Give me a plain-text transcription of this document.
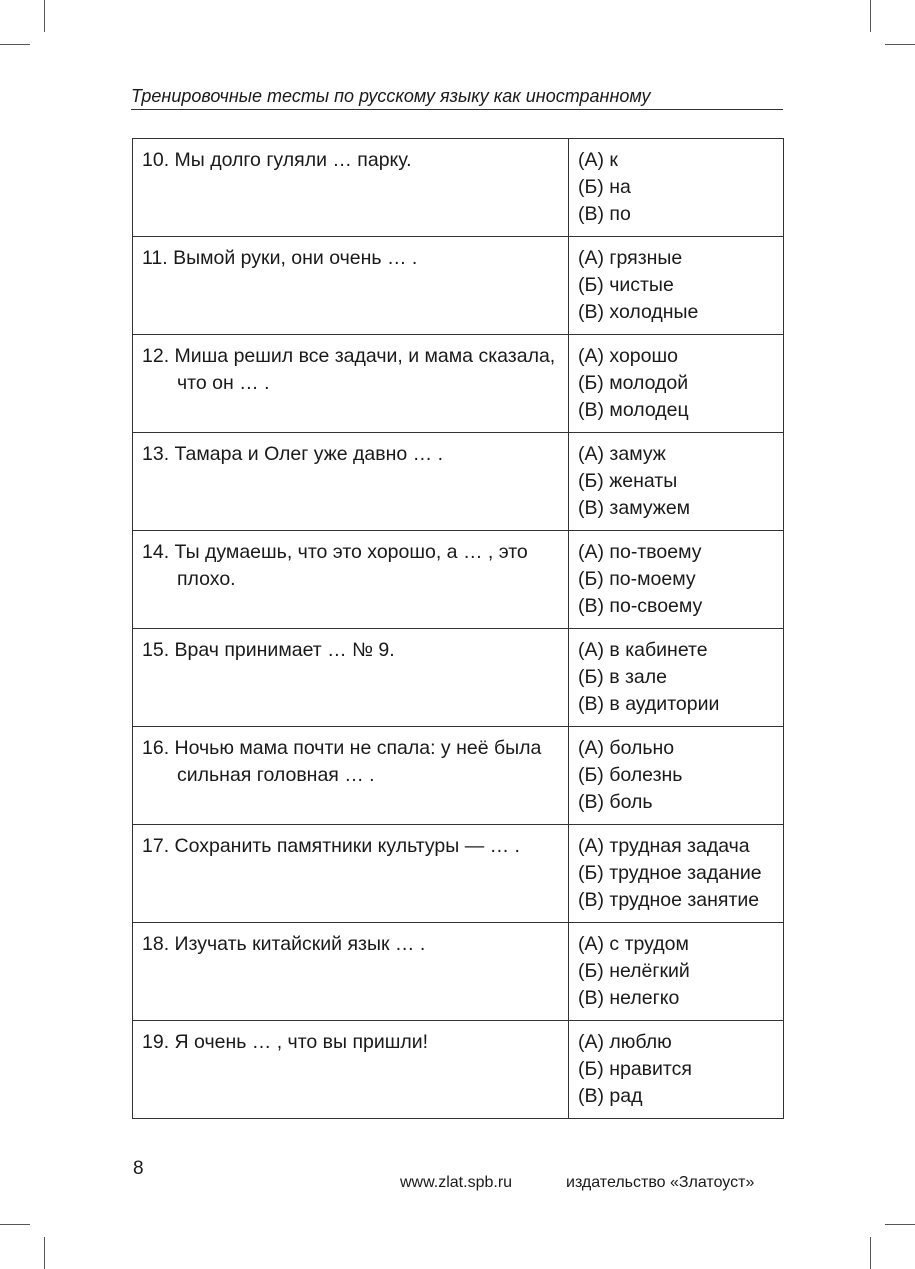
Тренировочные тесты по русскому языку как иностранному
10. Мы долго гуляли … парку.	(А) к
(Б) на
(В) по

11. Вымой руки, они очень … .	(А) грязные
(Б) чистые
(В) холодные

12. Миша решил все задачи, и мама сказала, что он … .	(А) хорошо
(Б) молодой
(В) молодец

13. Тамара и Олег уже давно … .	(А) замуж
(Б) женаты
(В) замужем

14. Ты думаешь, что это хорошо, а … , это плохо.	(А) по-твоему
(Б) по-моему
(В) по-своему

15. Врач принимает … № 9.	(А) в кабинете
(Б) в зале
(В) в аудитории

16. Ночью мама почти не спала: у неё была сильная головная … .	(А) больно
(Б) болезнь
(В) боль

17. Сохранить памятники культуры — … .	(А) трудная задача
(Б) трудное задание
(В) трудное занятие

18. Изучать китайский язык … .	(А) с трудом
(Б) нелёгкий
(В) нелегко

19. Я очень … , что вы пришли!	(А) люблю
(Б) нравится
(В) рад
8
www.zlat.spb.ru	издательство «Златоуст»
